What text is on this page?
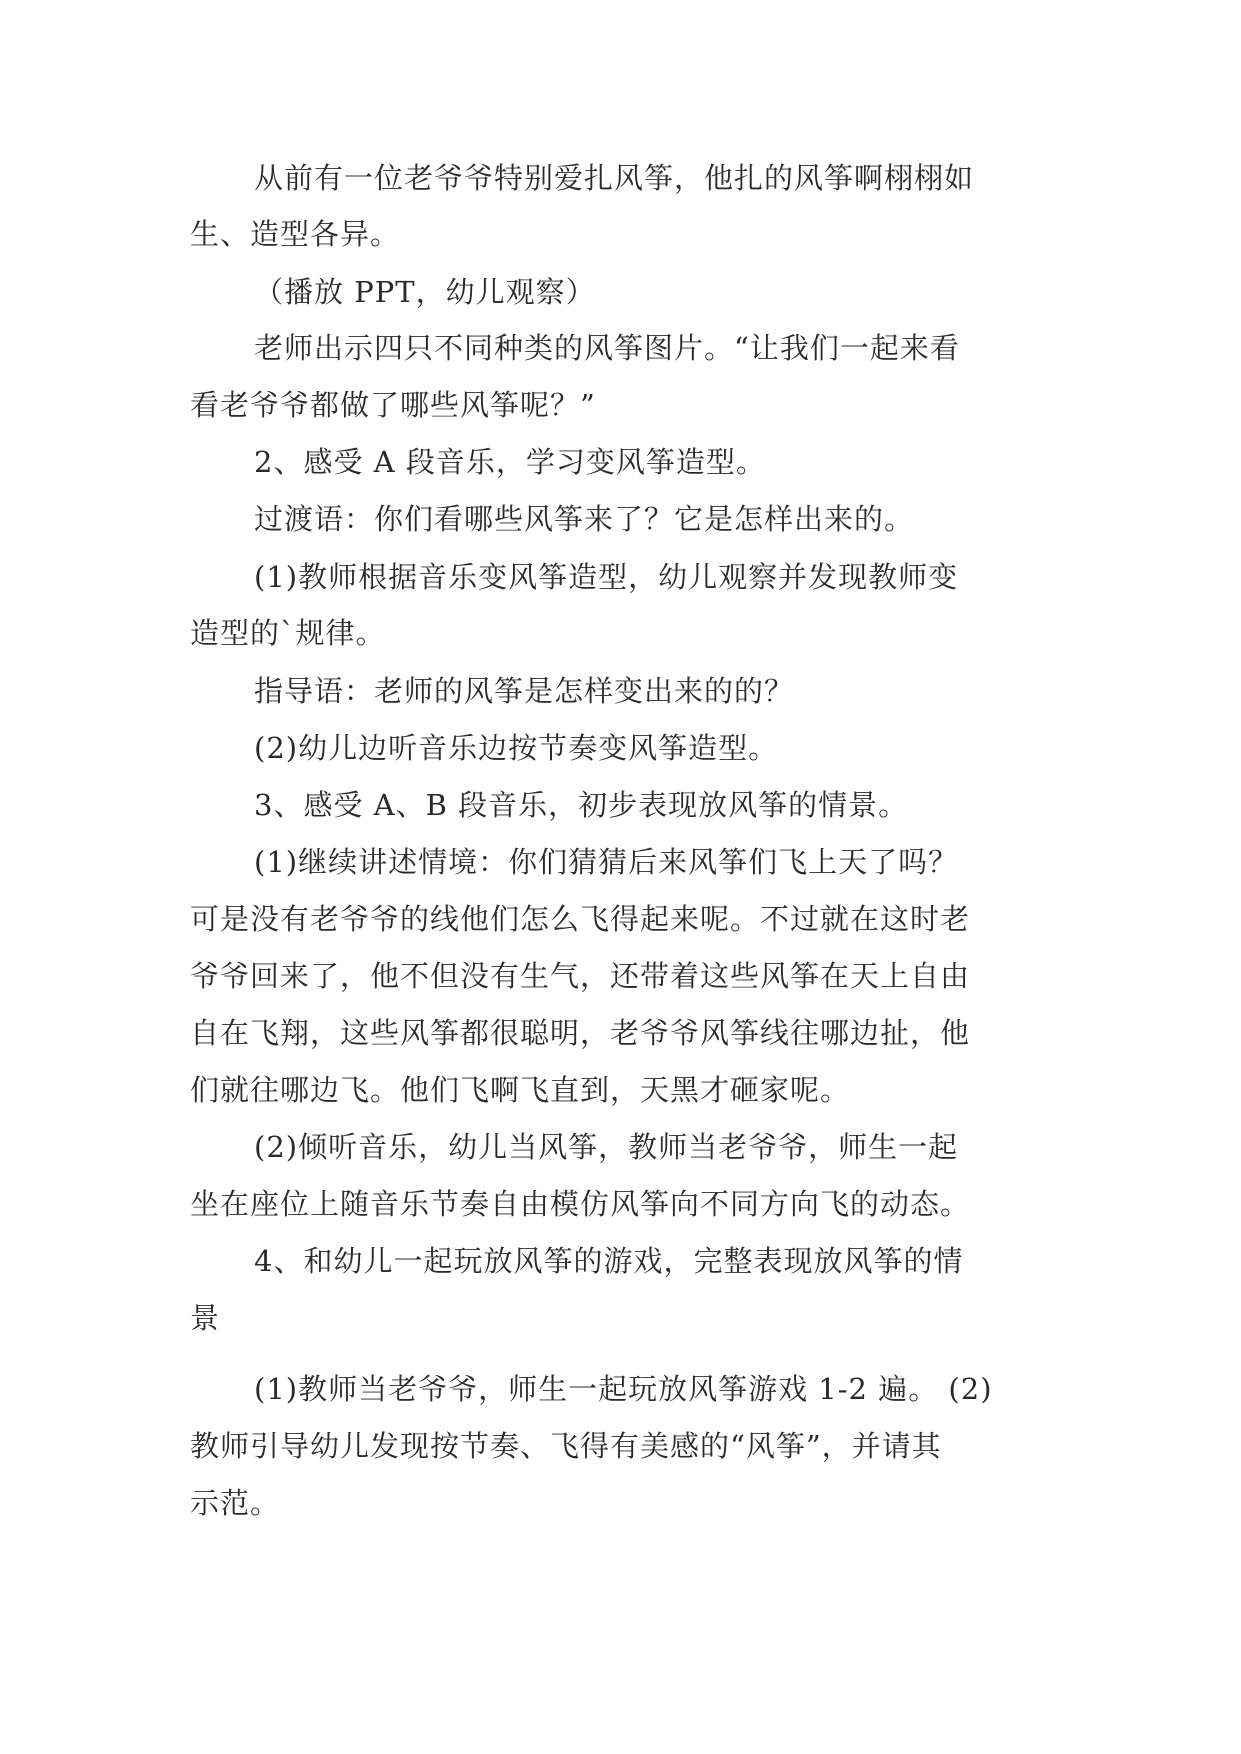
从前有一位老爷爷特别爱扎风筝，他扎的风筝啊栩栩如
生、造型各异。
（播放 PPT，幼儿观察）
老师出示四只不同种类的风筝图片。“让我们一起来看
看老爷爷都做了哪些风筝呢？”
2、感受 A 段音乐，学习变风筝造型。
过渡语：你们看哪些风筝来了？它是怎样出来的。
(1)教师根据音乐变风筝造型，幼儿观察并发现教师变
造型的`规律。
指导语：老师的风筝是怎样变出来的的？
(2)幼儿边听音乐边按节奏变风筝造型。
3、感受 A、B 段音乐，初步表现放风筝的情景。
(1)继续讲述情境：你们猜猜后来风筝们飞上天了吗？
可是没有老爷爷的线他们怎么飞得起来呢。不过就在这时老
爷爷回来了，他不但没有生气，还带着这些风筝在天上自由
自在飞翔，这些风筝都很聪明，老爷爷风筝线往哪边扯，他
们就往哪边飞。他们飞啊飞直到，天黑才砸家呢。
(2)倾听音乐，幼儿当风筝，教师当老爷爷，师生一起
坐在座位上随音乐节奏自由模仿风筝向不同方向飞的动态。
4、和幼儿一起玩放风筝的游戏，完整表现放风筝的情
景
(1)教师当老爷爷，师生一起玩放风筝游戏 1-2 遍。 (2)
教师引导幼儿发现按节奏、飞得有美感的“风筝”，并请其
示范。
